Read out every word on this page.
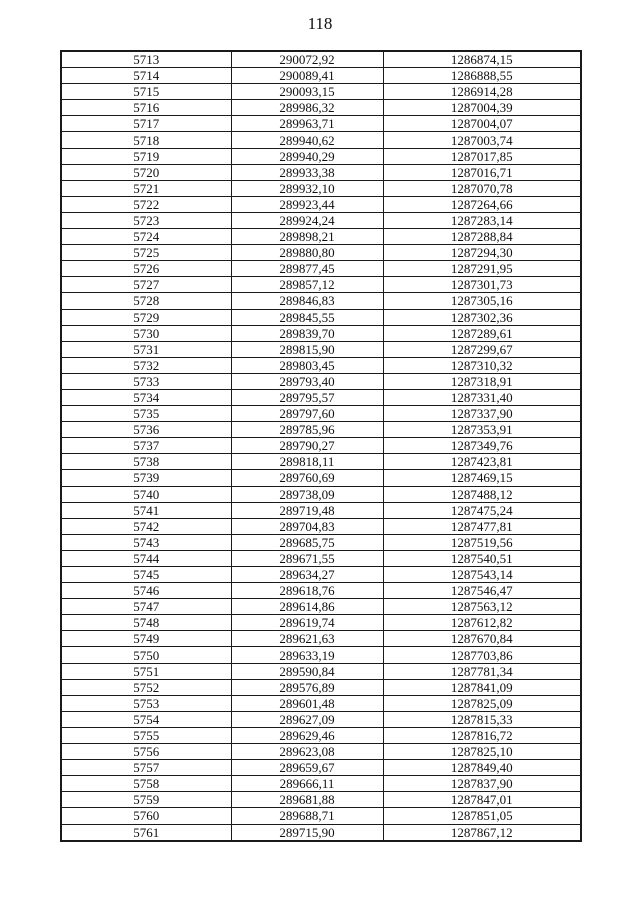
118
5713	290072,92	1286874,15
5714	290089,41	1286888,55
5715	290093,15	1286914,28
5716	289986,32	1287004,39
5717	289963,71	1287004,07
5718	289940,62	1287003,74
5719	289940,29	1287017,85
5720	289933,38	1287016,71
5721	289932,10	1287070,78
5722	289923,44	1287264,66
5723	289924,24	1287283,14
5724	289898,21	1287288,84
5725	289880,80	1287294,30
5726	289877,45	1287291,95
5727	289857,12	1287301,73
5728	289846,83	1287305,16
5729	289845,55	1287302,36
5730	289839,70	1287289,61
5731	289815,90	1287299,67
5732	289803,45	1287310,32
5733	289793,40	1287318,91
5734	289795,57	1287331,40
5735	289797,60	1287337,90
5736	289785,96	1287353,91
5737	289790,27	1287349,76
5738	289818,11	1287423,81
5739	289760,69	1287469,15
5740	289738,09	1287488,12
5741	289719,48	1287475,24
5742	289704,83	1287477,81
5743	289685,75	1287519,56
5744	289671,55	1287540,51
5745	289634,27	1287543,14
5746	289618,76	1287546,47
5747	289614,86	1287563,12
5748	289619,74	1287612,82
5749	289621,63	1287670,84
5750	289633,19	1287703,86
5751	289590,84	1287781,34
5752	289576,89	1287841,09
5753	289601,48	1287825,09
5754	289627,09	1287815,33
5755	289629,46	1287816,72
5756	289623,08	1287825,10
5757	289659,67	1287849,40
5758	289666,11	1287837,90
5759	289681,88	1287847,01
5760	289688,71	1287851,05
5761	289715,90	1287867,12
